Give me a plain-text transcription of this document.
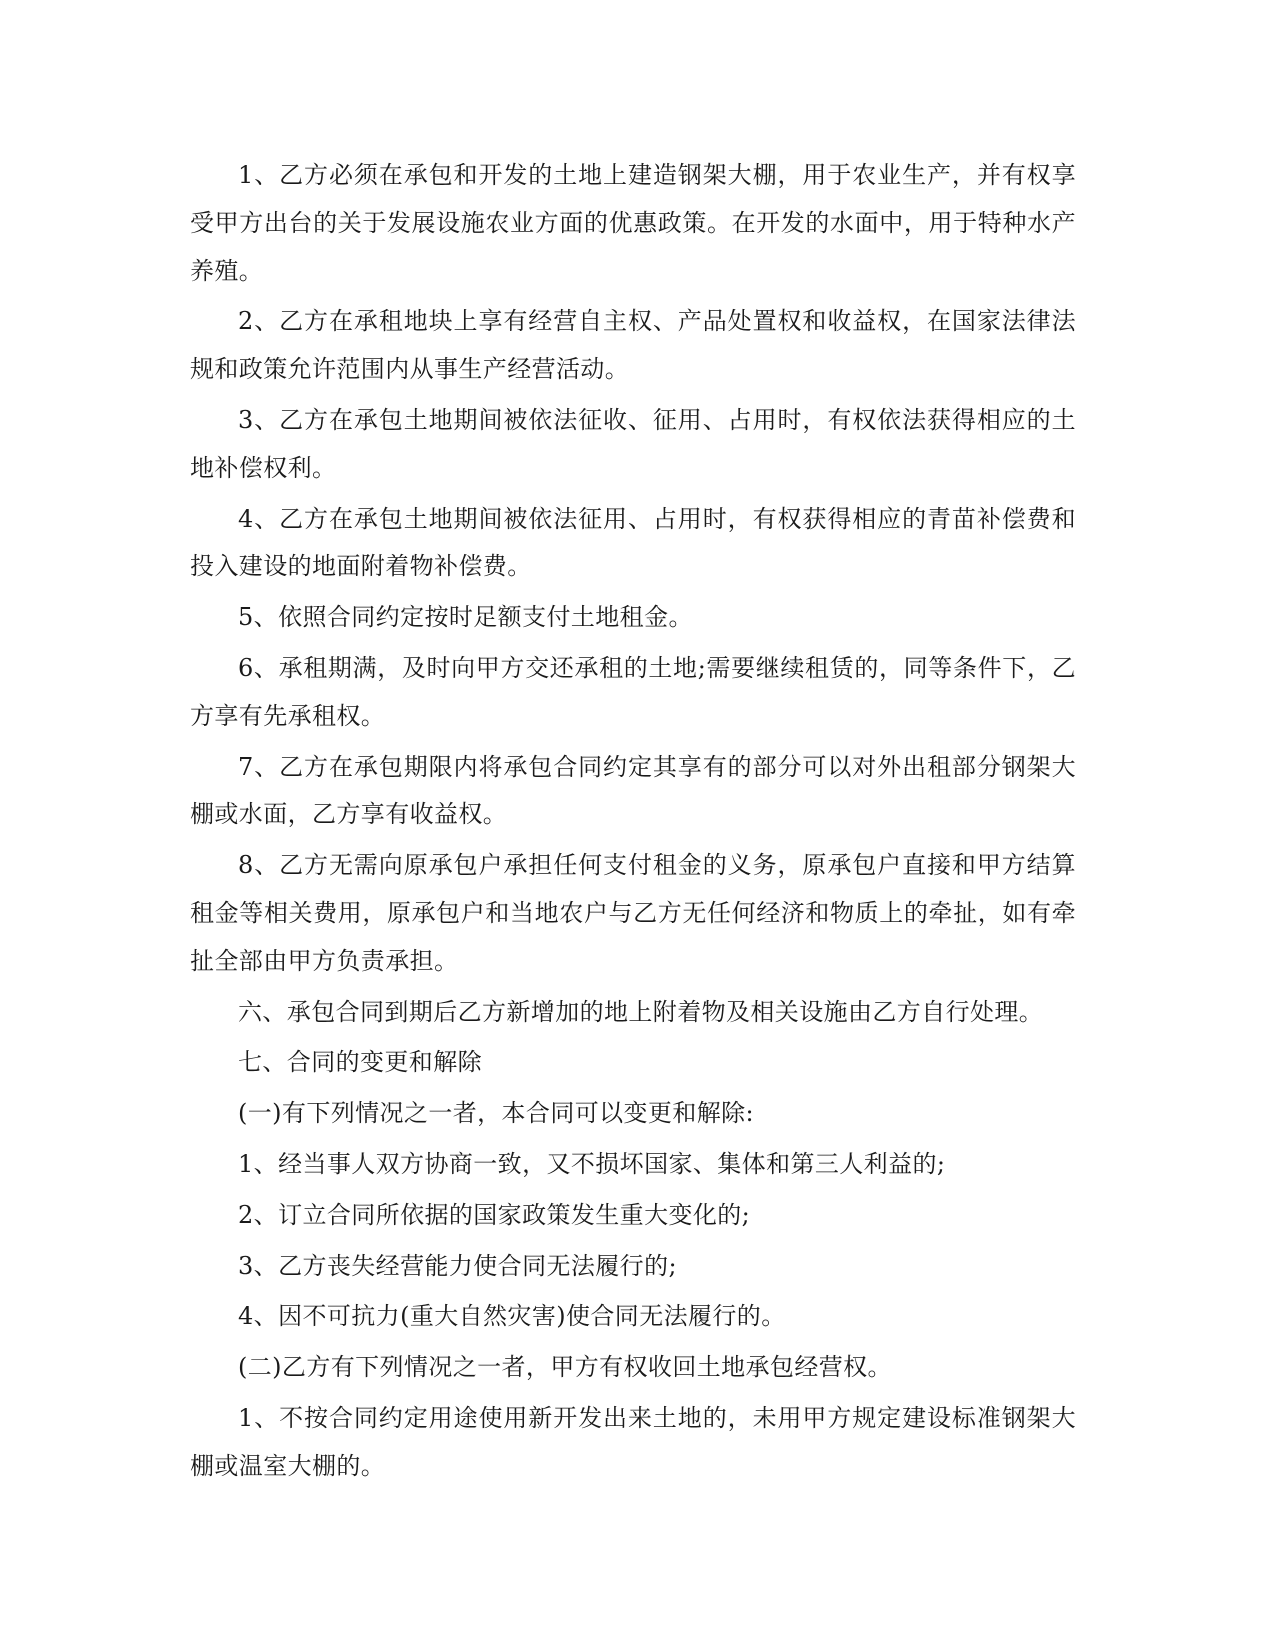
1、乙方必须在承包和开发的土地上建造钢架大棚，用于农业生产，并有权享受甲方出台的关于发展设施农业方面的优惠政策。在开发的水面中，用于特种水产养殖。

2、乙方在承租地块上享有经营自主权、产品处置权和收益权，在国家法律法规和政策允许范围内从事生产经营活动。

3、乙方在承包土地期间被依法征收、征用、占用时，有权依法获得相应的土地补偿权利。

4、乙方在承包土地期间被依法征用、占用时，有权获得相应的青苗补偿费和投入建设的地面附着物补偿费。

5、依照合同约定按时足额支付土地租金。

6、承租期满，及时向甲方交还承租的土地;需要继续租赁的，同等条件下，乙方享有先承租权。

7、乙方在承包期限内将承包合同约定其享有的部分可以对外出租部分钢架大棚或水面，乙方享有收益权。

8、乙方无需向原承包户承担任何支付租金的义务，原承包户直接和甲方结算租金等相关费用，原承包户和当地农户与乙方无任何经济和物质上的牵扯，如有牵扯全部由甲方负责承担。

六、承包合同到期后乙方新增加的地上附着物及相关设施由乙方自行处理。

七、合同的变更和解除

(一)有下列情况之一者，本合同可以变更和解除:

1、经当事人双方协商一致，又不损坏国家、集体和第三人利益的;

2、订立合同所依据的国家政策发生重大变化的;

3、乙方丧失经营能力使合同无法履行的;

4、因不可抗力(重大自然灾害)使合同无法履行的。

(二)乙方有下列情况之一者，甲方有权收回土地承包经营权。

1、不按合同约定用途使用新开发出来土地的，未用甲方规定建设标准钢架大棚或温室大棚的。
